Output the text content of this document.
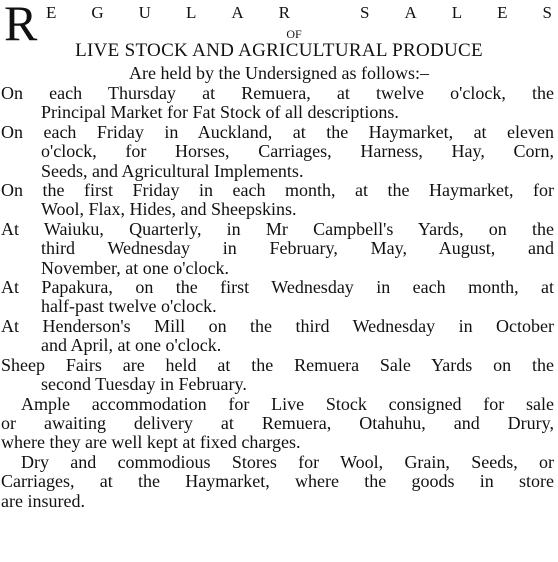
R E G U L A R	S A L E S
OF
LIVE STOCK AND AGRICULTURAL PRODUCE
Are held by the Undersigned as follows:–
On each Thursday at Remuera, at twelve o'clock, the
Principal Market for Fat Stock of all descriptions.
On each Friday in Auckland, at the Haymarket, at eleven
o'clock, for Horses, Carriages, Harness, Hay, Corn,
Seeds, and Agricultural Implements.
On the first Friday in each month, at the Haymarket, for
Wool, Flax, Hides, and Sheepskins.
At Waiuku, Quarterly, in Mr Campbell's Yards, on the
third Wednesday in February, May, August, and
November, at one o'clock.
At Papakura, on the first Wednesday in each month, at
half-past twelve o'clock.
At Henderson's Mill on the third Wednesday in October
and April, at one o'clock.
Sheep Fairs are held at the Remuera Sale Yards on the
second Tuesday in February.
Ample accommodation for Live Stock consigned for sale
or awaiting delivery at Remuera, Otahuhu, and Drury,
where they are well kept at fixed charges.
Dry and commodious Stores for Wool, Grain, Seeds, or
Carriages, at the Haymarket, where the goods in store
are insured.
